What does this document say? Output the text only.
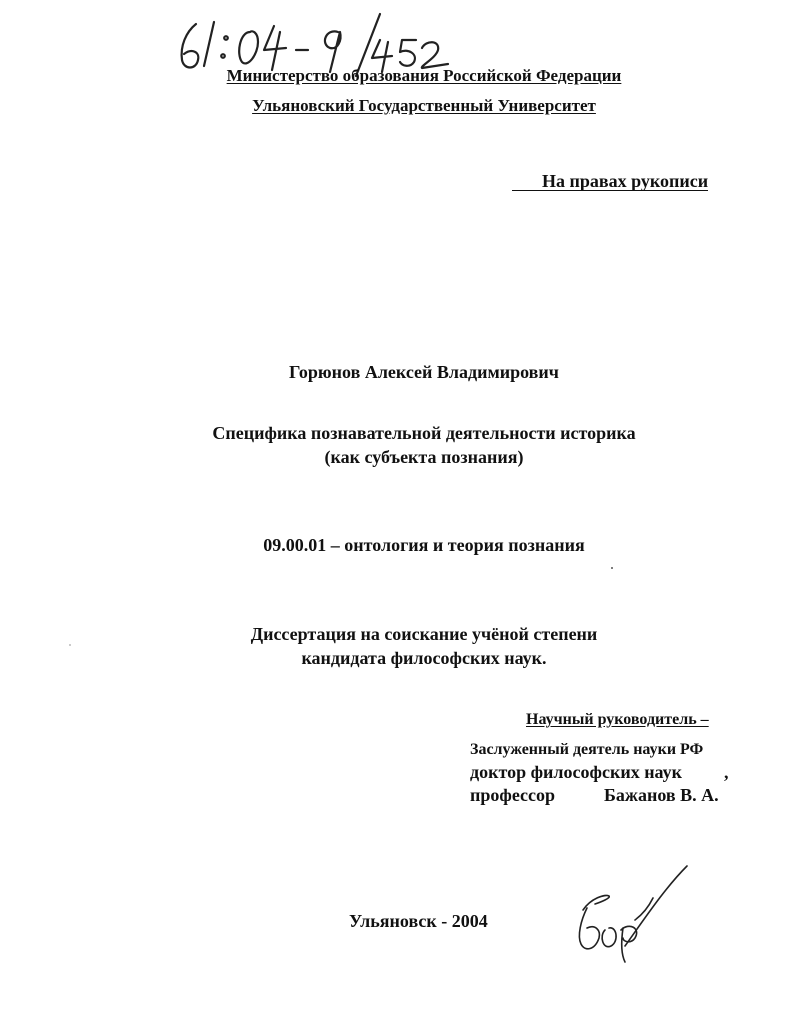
Министерство образования Российской Федерации
Ульяновский Государственный Университет
На правах рукописи
Горюнов Алексей Владимирович
Специфика познавательной деятельности историка
(как субъекта познания)
09.00.01 – онтология и теория познания
Диссертация на соискание учёной степени
кандидата философских наук.
Научный руководитель –
Заслуженный деятель науки РФ
доктор философских наук ,
профессор	Бажанов В. А.
Ульяновск - 2004
